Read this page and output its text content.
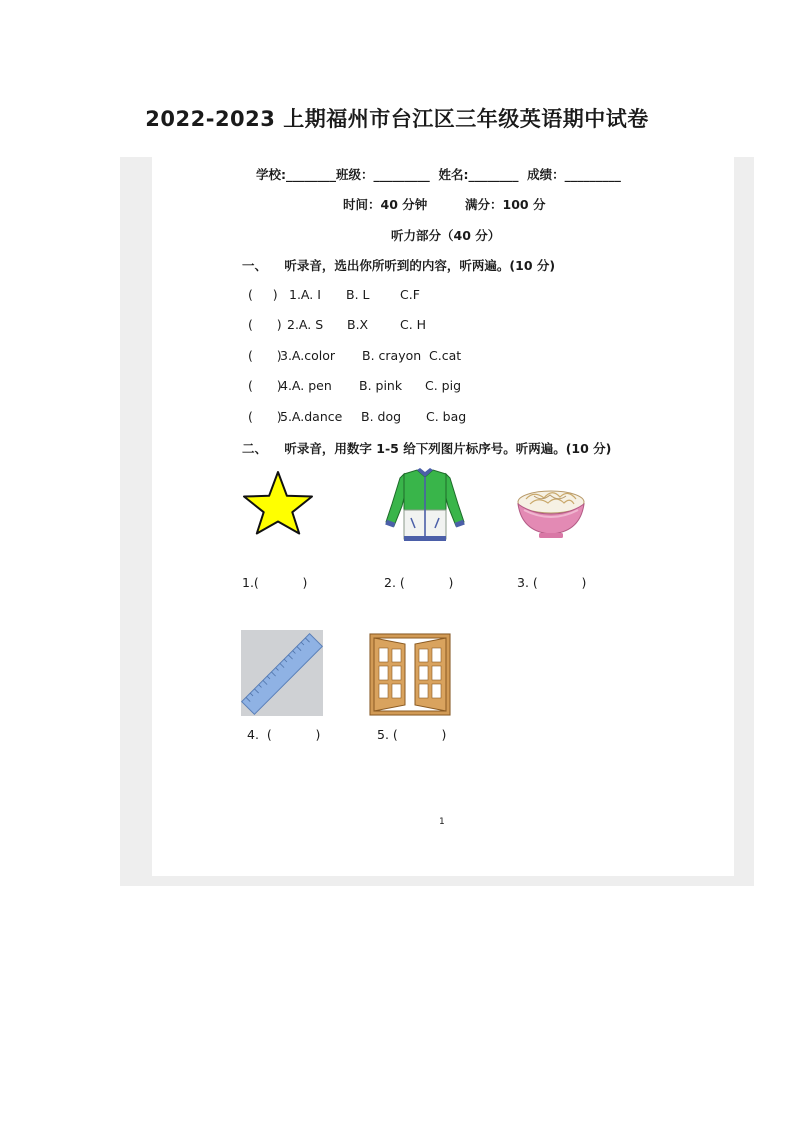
2022-2023 上期福州市台江区三年级英语期中试卷
学校:________班级：_________  姓名:________  成绩：_________
时间：40 分钟	满分：100 分
听力部分（40 分）
一、    听录音，选出你所听到的内容，听两遍。(10 分)
(     ) 1.A. I B. L C.F
(      ) 2.A. S B.X	C. H
(      )
3.A.color B. crayon C.cat
(      )
4.A. pen B. pink C. pig
(      )
5.A.dance B. dog C. bag
二、    听录音，用数字 1-5 给下列图片标序号。听两遍。(10 分)
1.(           )	2. (           )	3. (           )
4.  (           )	5. (           )
1
